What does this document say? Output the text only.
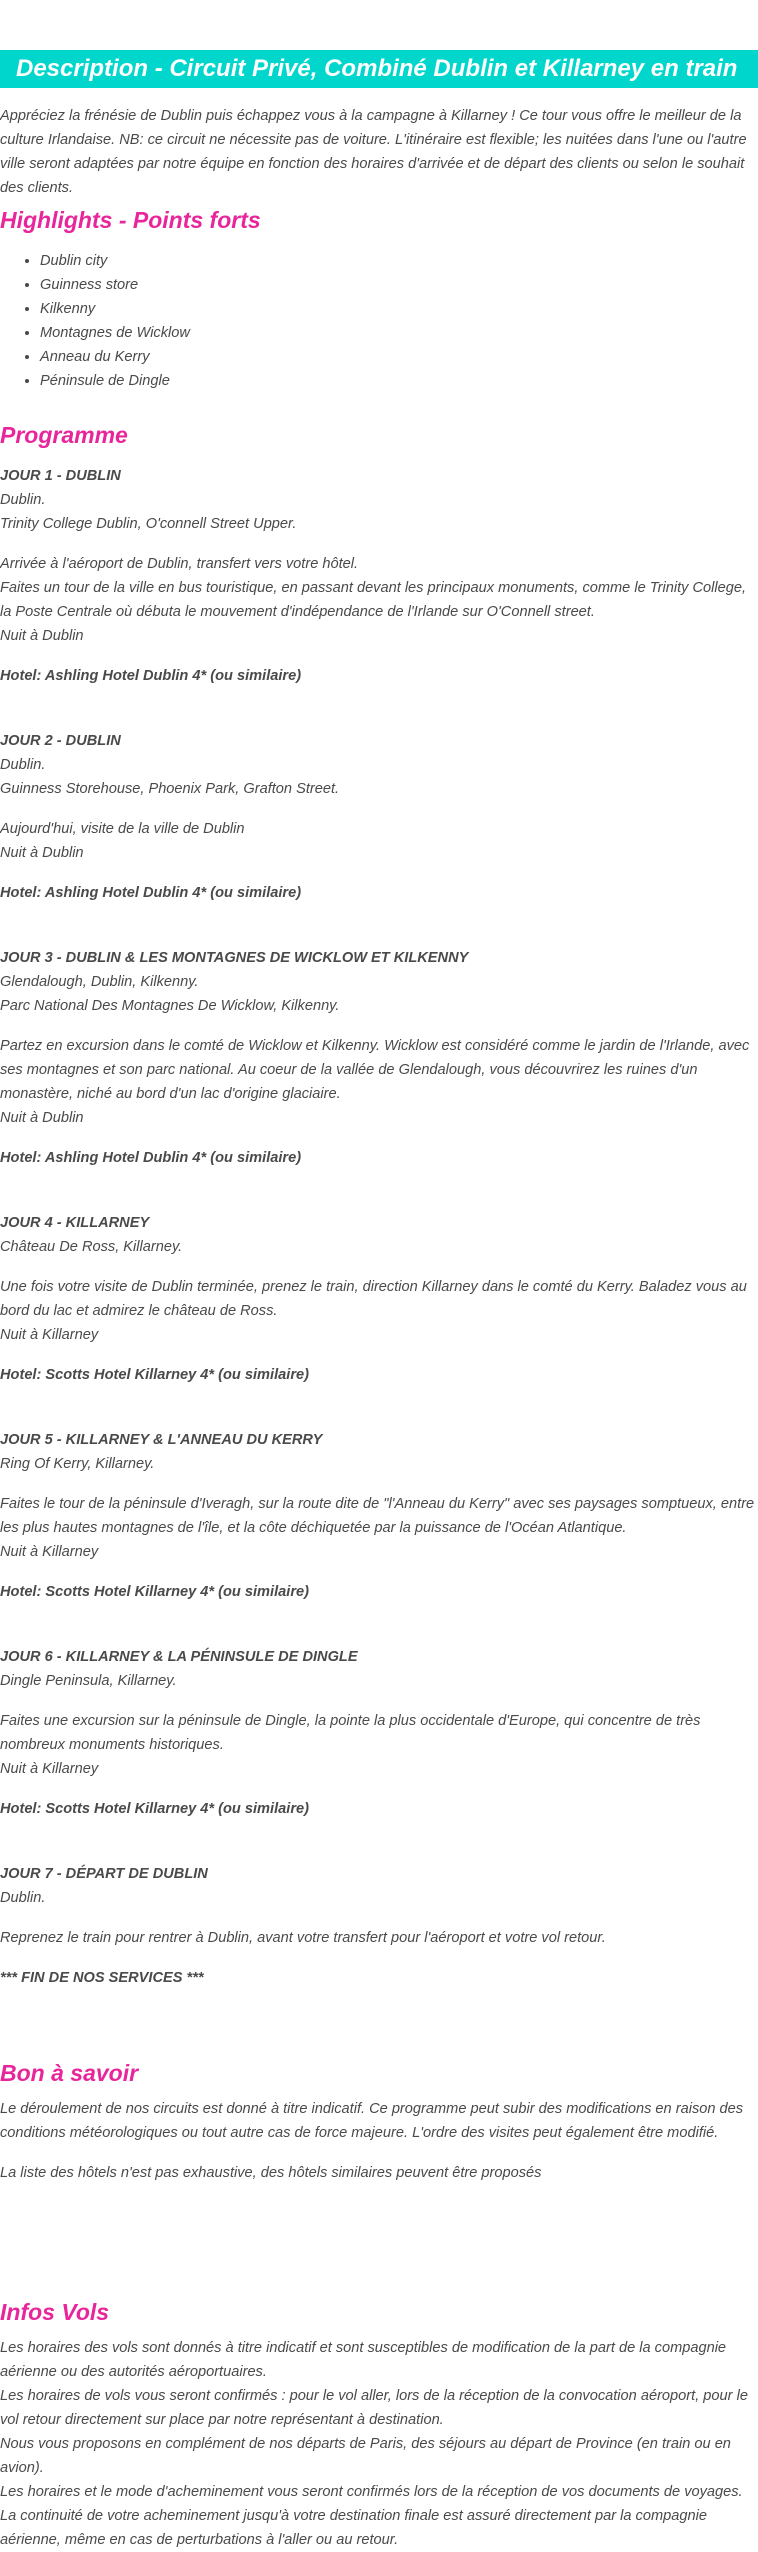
Description - Circuit Privé, Combiné Dublin et Killarney en train

Appréciez la frénésie de Dublin puis échappez vous à la campagne à Killarney ! Ce tour vous offre le meilleur de la culture Irlandaise. NB: ce circuit ne nécessite pas de voiture. L'itinéraire est flexible; les nuitées dans l'une ou l'autre ville seront adaptées par notre équipe en fonction des horaires d'arrivée et de départ des clients ou selon le souhait des clients.

Highlights - Points forts
• Dublin city
• Guinness store
• Kilkenny
• Montagnes de Wicklow
• Anneau du Kerry
• Péninsule de Dingle
Programme

JOUR 1 - DUBLIN

Dublin.

Trinity College Dublin, O'connell Street Upper.

Arrivée à l'aéroport de Dublin, transfert vers votre hôtel.

Faites un tour de la ville en bus touristique, en passant devant les principaux monuments, comme le Trinity College, la Poste Centrale où débuta le mouvement d'indépendance de l'Irlande sur O'Connell street.

Nuit à Dublin

Hotel: Ashling Hotel Dublin 4* (ou similaire)

JOUR 2 - DUBLIN

Dublin.

Guinness Storehouse, Phoenix Park, Grafton Street.

Aujourd'hui, visite de la ville de Dublin

Nuit à Dublin

Hotel: Ashling Hotel Dublin 4* (ou similaire)

JOUR 3 - DUBLIN & LES MONTAGNES DE WICKLOW ET KILKENNY

Glendalough, Dublin, Kilkenny.

Parc National Des Montagnes De Wicklow, Kilkenny.

Partez en excursion dans le comté de Wicklow et Kilkenny. Wicklow est considéré comme le jardin de l'Irlande, avec ses montagnes et son parc national. Au coeur de la vallée de Glendalough, vous découvrirez les ruines d'un monastère, niché au bord d'un lac d'origine glaciaire.

Nuit à Dublin

Hotel: Ashling Hotel Dublin 4* (ou similaire)

JOUR 4 - KILLARNEY

Château De Ross, Killarney.

Une fois votre visite de Dublin terminée, prenez le train, direction Killarney dans le comté du Kerry. Baladez vous au bord du lac et admirez le château de Ross.

Nuit à Killarney

Hotel: Scotts Hotel Killarney 4* (ou similaire)

JOUR 5 - KILLARNEY & L'ANNEAU DU KERRY

Ring Of Kerry, Killarney.

Faites le tour de la péninsule d'Iveragh, sur la route dite de "l'Anneau du Kerry" avec ses paysages somptueux, entre les plus hautes montagnes de l'île, et la côte déchiquetée par la puissance de l'Océan Atlantique.

Nuit à Killarney

Hotel: Scotts Hotel Killarney 4* (ou similaire)

JOUR 6 - KILLARNEY & LA PÉNINSULE DE DINGLE

Dingle Peninsula, Killarney.

Faites une excursion sur la péninsule de Dingle, la pointe la plus occidentale d'Europe, qui concentre de très nombreux monuments historiques.

Nuit à Killarney

Hotel: Scotts Hotel Killarney 4* (ou similaire)

JOUR 7 - DÉPART DE DUBLIN

Dublin.

Reprenez le train pour rentrer à Dublin, avant votre transfert pour l'aéroport et votre vol retour.

*** FIN DE NOS SERVICES ***

Bon à savoir

Le déroulement de nos circuits est donné à titre indicatif. Ce programme peut subir des modifications en raison des conditions météorologiques ou tout autre cas de force majeure. L'ordre des visites peut également être modifié.

La liste des hôtels n'est pas exhaustive, des hôtels similaires peuvent être proposés

Infos Vols
Les horaires des vols sont donnés à titre indicatif et sont susceptibles de modification de la part de la compagnie aérienne ou des autorités aéroportuaires.
Les horaires de vols vous seront confirmés : pour le vol aller, lors de la réception de la convocation aéroport, pour le vol retour directement sur place par notre représentant à destination.
Nous vous proposons en complément de nos départs de Paris, des séjours au départ de Province (en train ou en avion).
Les horaires et le mode d'acheminement vous seront confirmés lors de la réception de vos documents de voyages.
La continuité de votre acheminement jusqu'à votre destination finale est assuré directement par la compagnie aérienne, même en cas de perturbations à l'aller ou au retour.
